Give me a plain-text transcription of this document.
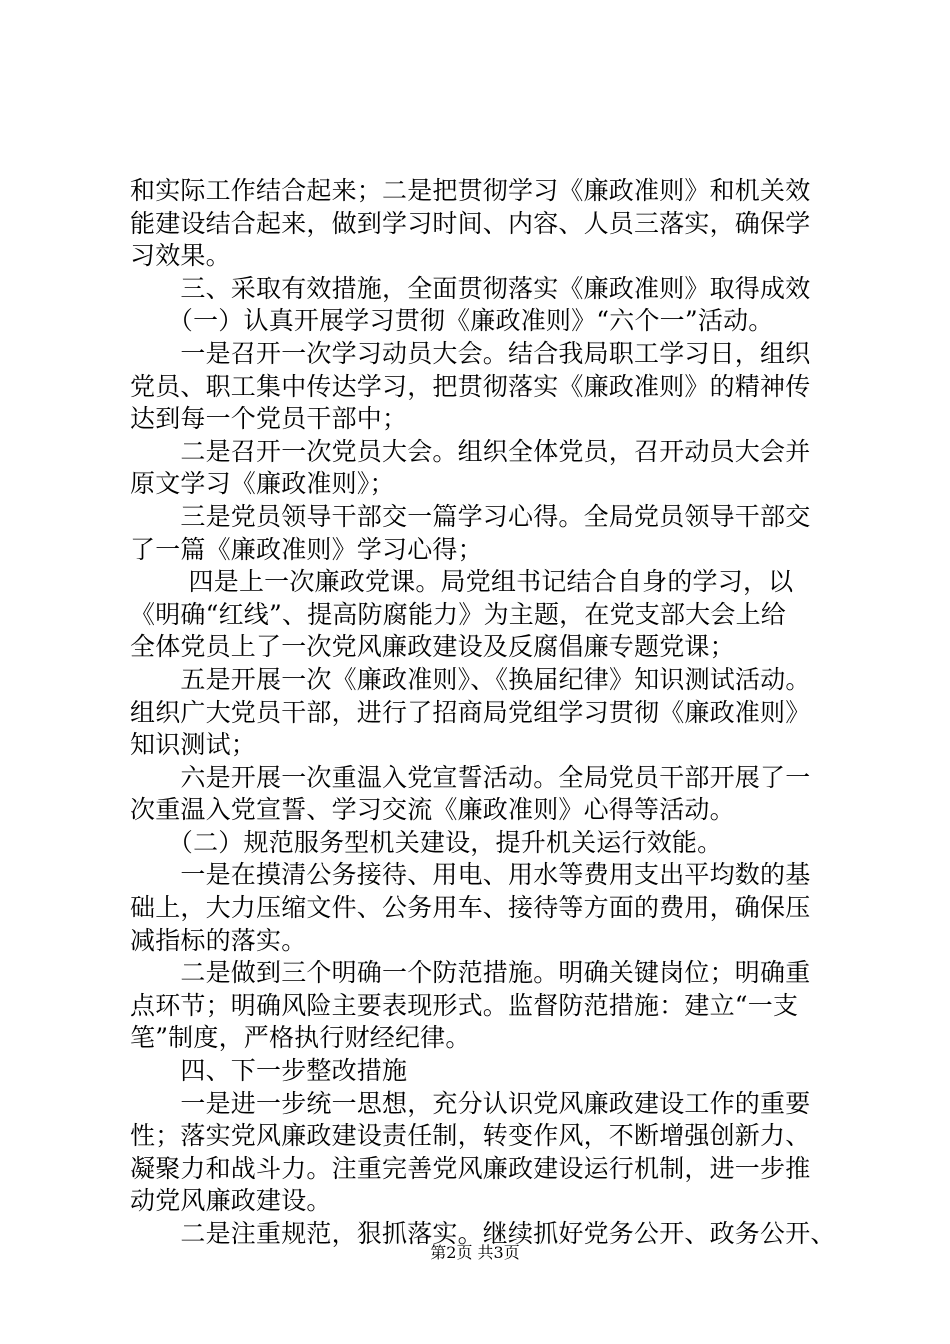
和实际工作结合起来；二是把贯彻学习《廉政准则》和机关效
能建设结合起来，做到学习时间、内容、人员三落实，确保学
习效果。
　　三、采取有效措施，全面贯彻落实《廉政准则》取得成效
　　（一）认真开展学习贯彻《廉政准则》“六个一”活动。
　　一是召开一次学习动员大会。结合我局职工学习日，组织
党员、职工集中传达学习，把贯彻落实《廉政准则》的精神传
达到每一个党员干部中；
　　二是召开一次党员大会。组织全体党员，召开动员大会并
原文学习《廉政准则》；
　　三是党员领导干部交一篇学习心得。全局党员领导干部交
了一篇《廉政准则》学习心得；
　　 四是上一次廉政党课。局党组书记结合自身的学习，以
《明确“红线”、提高防腐能力》为主题，在党支部大会上给
全体党员上了一次党风廉政建设及反腐倡廉专题党课；
　　五是开展一次《廉政准则》、《换届纪律》知识测试活动。
组织广大党员干部，进行了招商局党组学习贯彻《廉政准则》
知识测试；
　　六是开展一次重温入党宣誓活动。全局党员干部开展了一
次重温入党宣誓、学习交流《廉政准则》心得等活动。
　　（二）规范服务型机关建设，提升机关运行效能。
　　一是在摸清公务接待、用电、用水等费用支出平均数的基
础上，大力压缩文件、公务用车、接待等方面的费用，确保压
减指标的落实。
　　二是做到三个明确一个防范措施。明确关键岗位；明确重
点环节；明确风险主要表现形式。监督防范措施：建立“一支
笔”制度，严格执行财经纪律。
　　四、下一步整改措施
　　一是进一步统一思想，充分认识党风廉政建设工作的重要
性；落实党风廉政建设责任制，转变作风，不断增强创新力、
凝聚力和战斗力。注重完善党风廉政建设运行机制，进一步推
动党风廉政建设。
　　二是注重规范，狠抓落实。继续抓好党务公开、政务公开、
第2页 共3页
